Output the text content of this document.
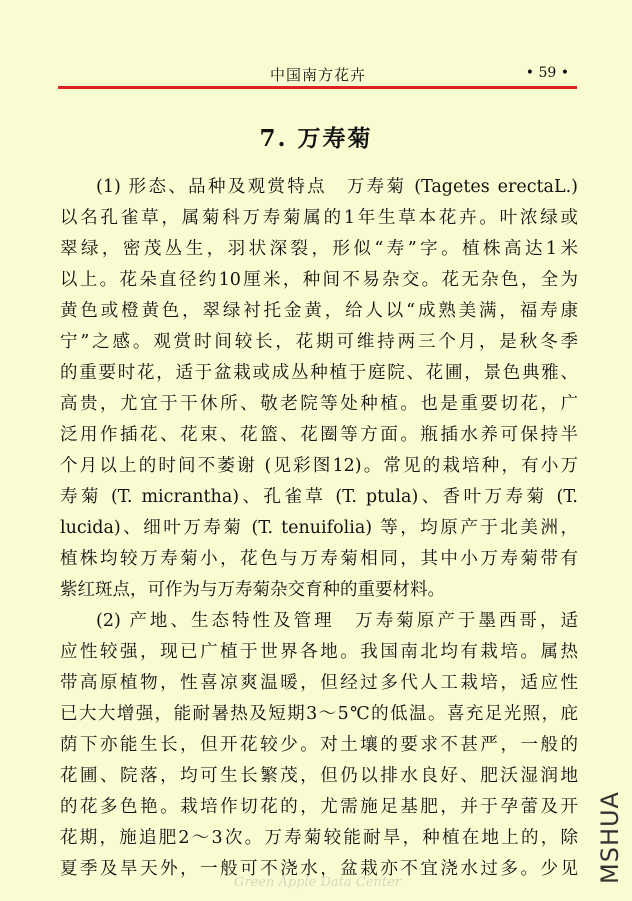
中国南方花卉	• 59 •
7. 万寿菊
(1) 形态、品种及观赏特点　万寿菊 (Tagetes erectaL.)
以名孔雀草，属菊科万寿菊属的1年生草本花卉。叶浓绿或
翠绿，密茂丛生，羽状深裂，形似“寿”字。植株高达1米
以上。花朵直径约10厘米，种间不易杂交。花无杂色，全为
黄色或橙黄色，翠绿衬托金黄，给人以“成熟美满，福寿康
宁”之感。观赏时间较长，花期可维持两三个月，是秋冬季
的重要时花，适于盆栽或成丛种植于庭院、花圃，景色典雅、
高贵，尤宜于干休所、敬老院等处种植。也是重要切花，广
泛用作插花、花束、花篮、花圈等方面。瓶插水养可保持半
个月以上的时间不萎谢 (见彩图12)。常见的栽培种，有小万
寿菊 (T. micrantha)、孔雀草 (T. ptula)、香叶万寿菊 (T.
lucida)、细叶万寿菊 (T. tenuifolia) 等，均原产于北美洲，
植株均较万寿菊小，花色与万寿菊相同，其中小万寿菊带有
紫红斑点，可作为与万寿菊杂交育种的重要材料。
(2) 产地、生态特性及管理　万寿菊原产于墨西哥，适
应性较强，现已广植于世界各地。我国南北均有栽培。属热
带高原植物，性喜凉爽温暖，但经过多代人工栽培，适应性
已大大增强，能耐暑热及短期3～5℃的低温。喜充足光照，庇
荫下亦能生长，但开花较少。对土壤的要求不甚严，一般的
花圃、院落，均可生长繁茂，但仍以排水良好、肥沃湿润地
的花多色艳。栽培作切花的，尤需施足基肥，并于孕蕾及开
花期，施追肥2～3次。万寿菊较能耐旱，种植在地上的，除
夏季及旱天外，一般可不浇水，盆栽亦不宜浇水过多。少见 MSHUA
Green Apple Data Center
